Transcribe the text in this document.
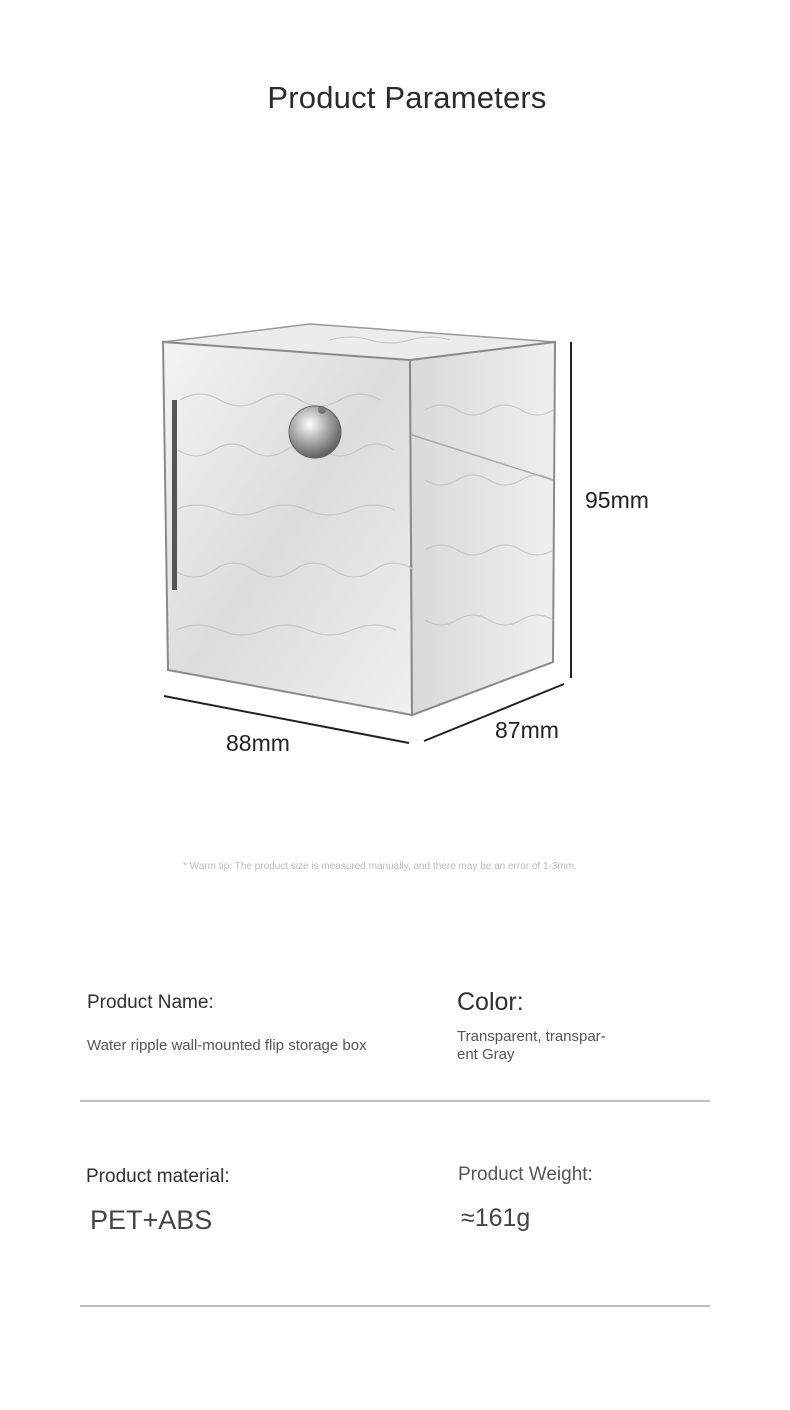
Product Parameters
95mm
88mm	87mm
* Warm tip: The product size is measured manually, and there may be an error of 1-3mm.
Product Name:
Water ripple wall-mounted flip storage box
Color:
Transparent, transpar-
ent Gray
Product material:
PET+ABS
Product Weight:
≈161g
